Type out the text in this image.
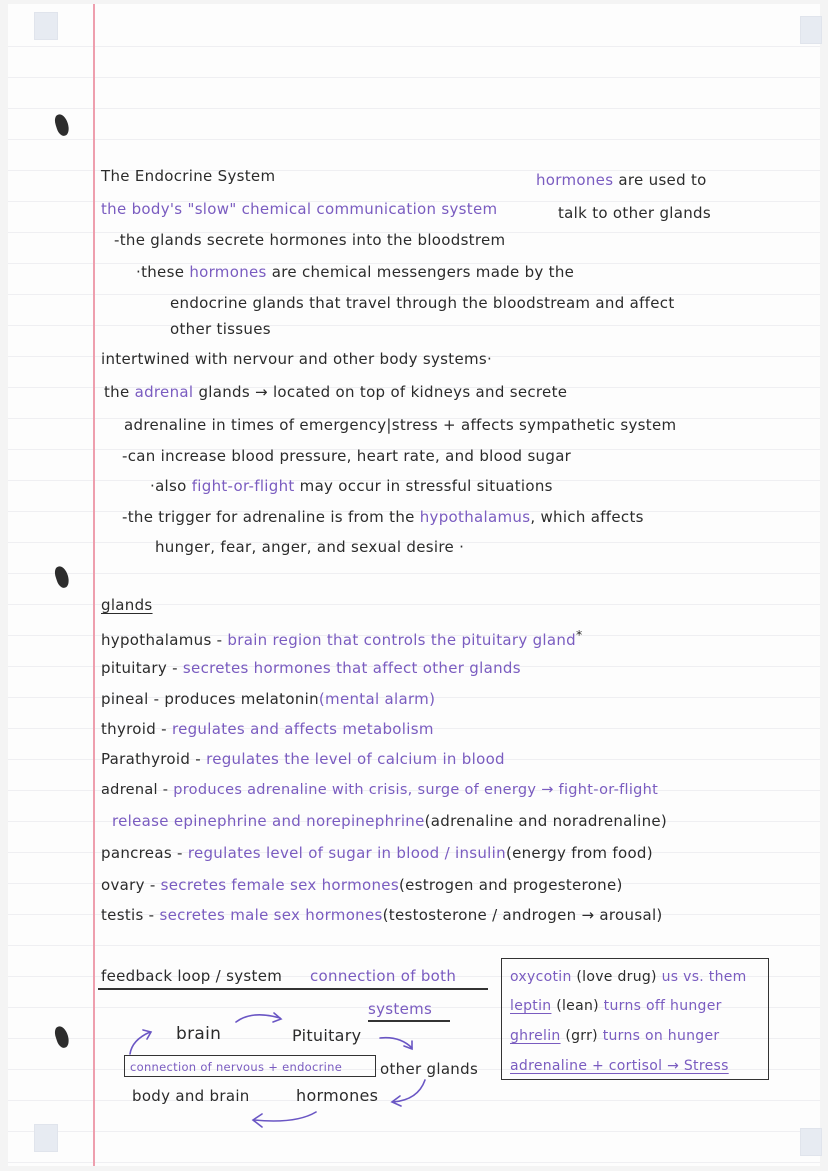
The Endocrine System	hormones are used to
the body's "slow" chemical communication system	talk to other glands
-the glands secrete hormones into the bloodstrem
·these hormones are chemical messengers made by the
endocrine glands that travel through the bloodstream and affect
other tissues
intertwined with nervour and other body systems·
the adrenal glands → located on top of kidneys and secrete
adrenaline in times of emergency|stress + affects sympathetic system
-can increase blood pressure, heart rate, and blood sugar
·also fight-or-flight may occur in stressful situations
-the trigger for adrenaline is from the hypothalamus, which affects
hunger, fear, anger, and sexual desire ·
glands
hypothalamus - brain region that controls the pituitary gland*
pituitary - secretes hormones that affect other glands
pineal - produces melatonin(mental alarm)
thyroid - regulates and affects metabolism
Parathyroid - regulates the level of calcium in blood
adrenal - produces adrenaline with crisis, surge of energy → fight-or-flight
release epinephrine and norepinephrine(adrenaline and noradrenaline)
pancreas - regulates level of sugar in blood / insulin(energy from food)
ovary - secretes female sex hormones(estrogen and progesterone)
testis - secretes male sex hormones(testosterone / androgen → arousal)
feedback loop / system connection of both
systems
brain	Pituitary
connection of nervous + endocrine	other glands
body and brain	hormones
oxycotin (love drug) us vs. them
leptin (lean) turns off hunger
ghrelin (grr) turns on hunger
adrenaline + cortisol → Stress
